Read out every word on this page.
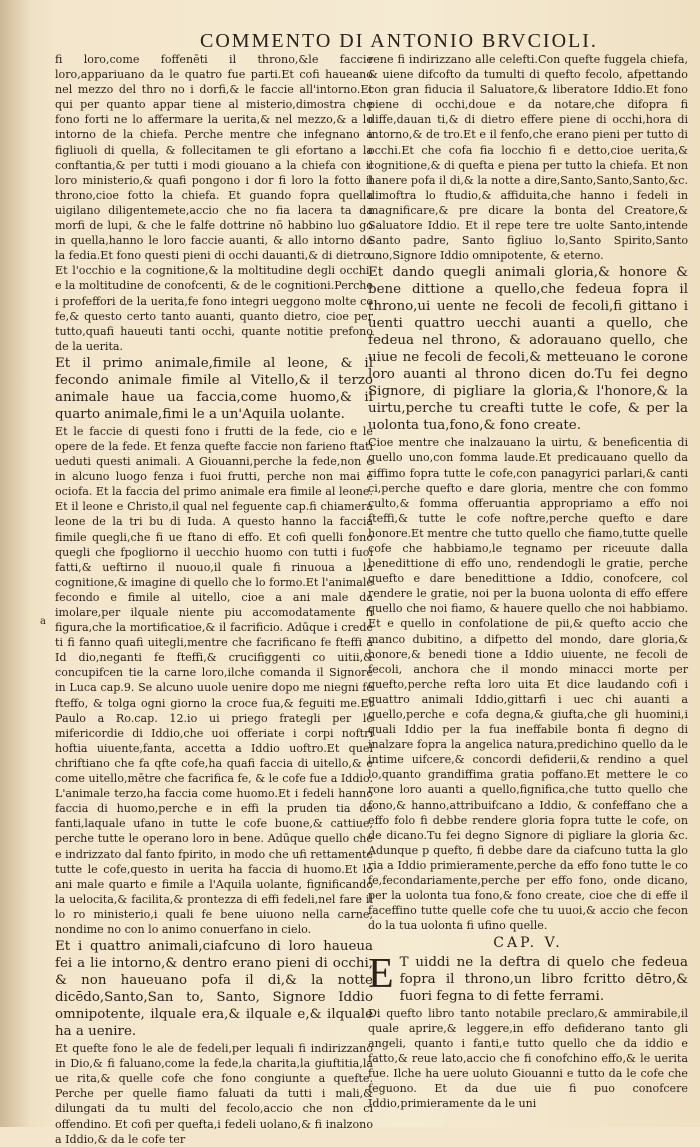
COMMENTO DI ANTONIO BRVCIOLI.

fi loro,come foffenēti il throno,&le faccie loro,appariuano da le quatro fue parti.Et cofi haueano nel mezzo del thro no i dorfi,& le faccie all'intorno.Et qui per quanto appar tiene al misterio,dimostra che fono forti ne lo affermare la uerita,& nel mezzo,& a lo intorno de la chiefa. Perche mentre che infegnano a figliuoli di quella, & follecitamen te gli efortano a la conftantia,& per tutti i modi giouano a la chiefa con il loro ministerio,& quafi pongono i dor fi loro la fotto il throno,cioe fotto la chiefa. Et guando fopra quella uigilano diligentemete,accio che no fia lacera ta da morfi de lupi, & che le falfe dottrine nō habbino luo go in quella,hanno le loro faccie auanti, & allo intorno de la fedia.Et fono questi pieni di occhi dauanti,& di dietro. Et l'occhio e la cognitione,& la moltitudine degli occhi, e la moltitudine de conofcenti, & de le cognitioni.Perche i profeffori de la uerita,fe fono integri ueggono molte co fe,& questo certo tanto auanti, quanto dietro, cioe per tutto,quafi haueuti tanti occhi, quante notitie prefono de la uerita.

Et il primo animale,fimile al leone, & il fecondo animale fimile al Vitello,& il terzo animale haue ua faccia,come huomo,& il quarto animale,fimi le a un'Aquila uolante.

Et le faccie di questi fono i frutti de la fede, cio e le opere de la fede. Et fenza quefte faccie non farieno ftati ueduti questi animali. A Giouanni,perche la fede,non e in alcuno luogo fenza i fuoi frutti, perche non mai e ociofa. Et la faccia del primo animale era fimile al leone. Et il leone e Christo,il qual nel feguente cap.fi chiamera leone de la tri bu di Iuda. A questo hanno la faccia fimile quegli,che fi ue ftano di effo. Et cofi quelli fono quegli che fpogliorno il uecchio huomo con tutti i fuoi fatti,& ueftirno il nuouo,il quale fi rinuoua a la cognitione,& imagine di quello che lo formo.Et l'animale fecondo e fimile al uitello, cioe a ani male da imolare,per ilquale niente piu accomodatamente fi figura,che la mortificatioe,& il facrificio. Adūque i crede ti fi fanno quafi uitegli,mentre che facrificano fe fteffi a Id dio,neganti fe fteffi,& crucifiggenti co uitii,& concupifcen tie la carne loro,ilche comanda il Signore in Luca cap.9. Se alcuno uuole uenire dopo me niegni fe fteffo, & tolga ogni giorno la croce fua,& feguiti me.Et Paulo a Ro.cap. 12.io ui priego frategli per le mifericordie di Iddio,che uoi offeriate i corpi noftri hoftia uiuente,fanta, accetta a Iddio uoftro.Et quel chriftiano che fa qfte cofe,ha quafi faccia di uitello,& e come uitello,mētre che facrifica fe, & le cofe fue a Iddio. L'animale terzo,ha faccia come huomo.Et i fedeli hanno faccia di huomo,perche e in effi la pruden tia de fanti,laquale ufano in tutte le cofe buone,& cattiue, perche tutte le operano loro in bene. Adūque quello che e indrizzato dal fanto fpirito, in modo che ufi rettamente tutte le cofe,questo in uerita ha faccia di huomo.Et lo ani male quarto e fimile a l'Aquila uolante, fignificando la uelocita,& facilita,& prontezza di effi fedeli,nel fare il lo ro ministerio,i quali fe bene uiuono nella carne, nondime no con lo animo conuerfano in cielo.

Et i quattro animali,ciafcuno di loro haueua fei a lie intorno,& dentro erano pieni di occhi, & non haueuano pofa il di,& la notte dicēdo,Santo,San to, Santo, Signore Iddio omnipotente, ilquale era,& ilquale e,& ilquale ha a uenire.

Et quefte fono le ale de fedeli,per lequali fi indirizzano in Dio,& fi faluano,come la fede,la charita,la giuftitia,la ue rita,& quelle cofe che fono congiunte a quefte. Perche per quelle fiamo faluati da tutti i mali,& dilungati da tu multi del fecolo,accio che non ci offendino. Et cofi per quefta,i fedeli uolano,& fi inalzono a Iddio,& da le cofe ter

a

rene fi indirizzano alle celefti.Con quefte fuggela chiefa, & uiene difcofto da tumulti di quefto fecolo, afpettando con gran fiducia il Saluatore,& liberatore Iddio.Et fono piene di occhi,doue e da notare,che difopra fi diffe,dauan ti,& di dietro effere piene di occhi,hora di intorno,& de tro.Et e il fenfo,che erano pieni per tutto di occhi.Et che cofa fia locchio fi e detto,cioe uerita,& cognitione,& di quefta e piena per tutto la chiefa. Et non hanere pofa il di,& la notte a dire,Santo,Santo,Santo,&c. dimoftra lo ftudio,& affiduita,che hanno i fedeli in magnificare,& pre dicare la bonta del Creatore,& Saluatore Iddio. Et il repe tere tre uolte Santo,intende Santo padre, Santo figliuo lo,Santo Spirito,Santo uno,Signore Iddio omnipotente, & eterno.

Et dando quegli animali gloria,& honore & bene dittione a quello,che fedeua fopra il throno,ui uente ne fecoli de fecoli,fi gittano i uenti quattro uecchi auanti a quello, che fedeua nel throno, & adorauano quello, che uiue ne fecoli de fecoli,& metteuano le corone loro auanti al throno dicen do.Tu fei degno Signore, di pigliare la gloria,& l'honore,& la uirtu,perche tu creafti tutte le cofe, & per la uolonta tua,fono,& fono create.

Cioe mentre che inalzauano la uirtu, & beneficentia di quello uno,con fomma laude.Et predicauano quello da riffimo fopra tutte le cofe,con panagyrici parlari,& canti ci,perche quefto e dare gloria, mentre che con fommo culto,& fomma offeruantia appropriamo a effo noi fteffi,& tutte le cofe noftre,perche quefto e dare honore.Et mentre che tutto quello che fiamo,tutte quelle cofe che habbiamo,le tegnamo per riceuute dalla benedittione di effo uno, rendendogli le gratie, perche quefto e dare benedittione a Iddio, conofcere, col rendere le gratie, noi per la buona uolonta di effo effere quello che noi fiamo, & hauere quello che noi habbiamo. Et e quello in confolatione de pii,& quefto accio che manco dubitino, a difpetto del mondo, dare gloria,& honore,& benedi tione a Iddio uiuente, ne fecoli de fecoli, anchora che il mondo minacci morte per quefto,perche refta loro uita Et dice laudando cofi i quattro animali Iddio,gittarfi i uec chi auanti a quello,perche e cofa degna,& giufta,che gli huomini,i quali Iddio per la fua ineffabile bonta fi degno di inalzare fopra la angelica natura,predichino quello da le intime uifcere,& concordi defiderii,& rendino a quel lo,quanto grandiffima gratia poffano.Et mettere le co rone loro auanti a quello,fignifica,che tutto quello che fono,& hanno,attribuifcano a Iddio, & confeffano che a effo folo fi debbe rendere gloria fopra tutte le cofe, on de dicano.Tu fei degno Signore di pigliare la gloria &c. Adunque p quefto, fi debbe dare da ciafcuno tutta la glo ria a Iddio primieramente,perche da effo fono tutte le co fe,fecondariamente,perche per effo fono, onde dicano, per la uolonta tua fono,& fono create, cioe che di effe il faceffino tutte quelle cofe che tu uuoi,& accio che fecon do la tua uolonta fi ufino quelle.

CAP. V.

E T uiddi ne la deftra di quelo che fedeua fopra il throno,un libro fcritto dētro,& fuori fegna to di fette ferrami.

Di quefto libro tanto notabile preclaro,& ammirabile,il quale aprire,& leggere,in effo defiderano tanto gli angeli, quanto i fanti,e tutto quello che da iddio e fatto,& reue lato,accio che fi conofchino effo,& le uerita fue. Ilche ha uere uoluto Giouanni e tutto da le cofe che feguono. Et da due uie fi puo conofcere Iddio,primieramente da le uni
